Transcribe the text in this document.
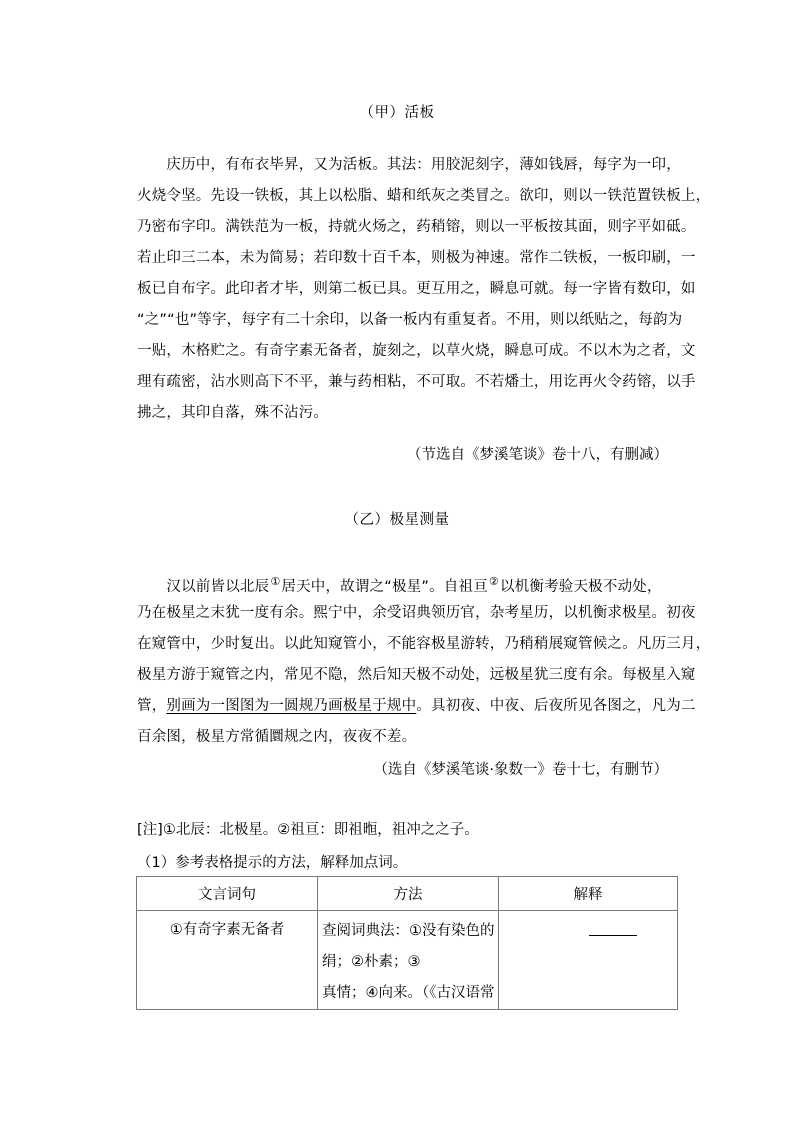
（甲）活板
　　庆历中，有布衣毕昇，又为活板。其法：用胶泥刻字，薄如钱唇，每字为一印，
火烧令坚。先设一铁板，其上以松脂、蜡和纸灰之类冒之。欲印，则以一铁范置铁板上，
乃密布字印。满铁范为一板，持就火炀之，药稍镕，则以一平板按其面，则字平如砥。
若止印三二本，未为简易；若印数十百千本，则极为神速。常作二铁板，一板印刷，一
板已自布字。此印者才毕，则第二板已具。更互用之，瞬息可就。每一字皆有数印，如
“之”“也”等字，每字有二十余印，以备一板内有重复者。不用，则以纸贴之，每韵为
一贴，木格贮之。有奇字素无备者，旋刻之，以草火烧，瞬息可成。不以木为之者，文
理有疏密，沾水则高下不平，兼与药相粘，不可取。不若燔土，用讫再火令药镕，以手
拂之，其印自落，殊不沾污。
（节选自《梦溪笔谈》卷十八，有删减）
（乙）极星测量
　　汉以前皆以北辰①居天中，故谓之“极星”。自祖亘②以机衡考验天极不动处，
乃在极星之末犹一度有余。熙宁中，余受诏典领历官，杂考星历，以机衡求极星。初夜
在窥管中，少时复出。以此知窥管小，不能容极星游转，乃稍稍展窥管候之。凡历三月，
极星方游于窥管之内，常见不隐，然后知天极不动处，远极星犹三度有余。每极星入窥
管，别画为一图图为一圆规乃画极星于规中。具初夜、中夜、后夜所见各图之，凡为二
百余图，极星方常循圜规之内，夜夜不差。
（选自《梦溪笔谈·象数一》卷十七，有删节）
[注]①北辰：北极星。②祖亘：即祖暅，祖冲之之子。
（1）参考表格提示的方法，解释加点词。
文言词句	方法	解释

①有奇字素无备者	查阅词典法：①没有染色的
绢；②朴素；③
真情；④向来。（《古汉语常	
